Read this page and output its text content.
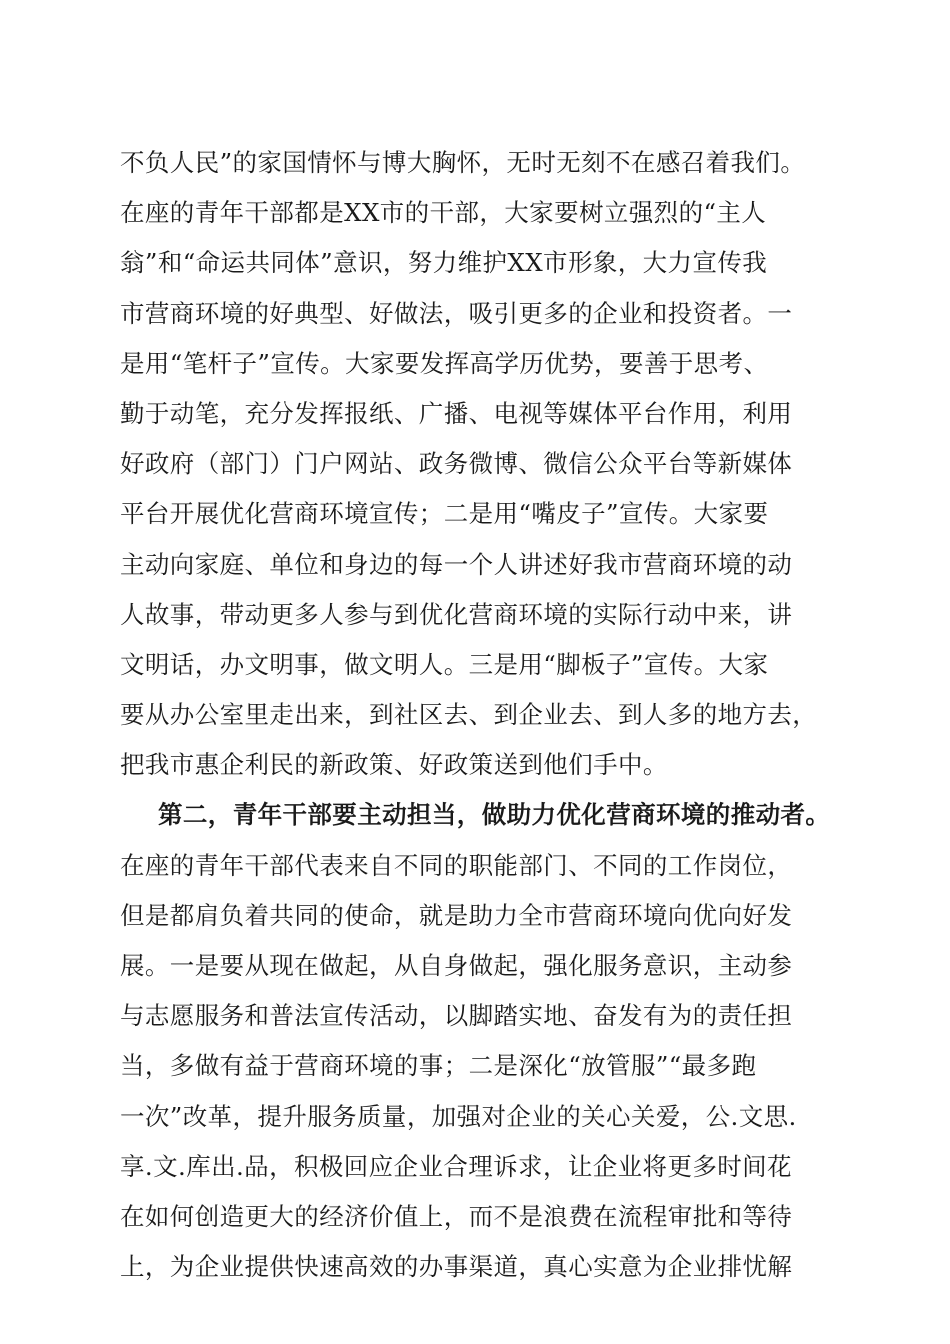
不负人民”的家国情怀与博大胸怀，无时无刻不在感召着我们。
在座的青年干部都是XX市的干部，大家要树立强烈的“主人
翁”和“命运共同体”意识，努力维护XX市形象，大力宣传我
市营商环境的好典型、好做法，吸引更多的企业和投资者。一
是用“笔杆子”宣传。大家要发挥高学历优势，要善于思考、
勤于动笔，充分发挥报纸、广播、电视等媒体平台作用，利用
好政府（部门）门户网站、政务微博、微信公众平台等新媒体
平台开展优化营商环境宣传；二是用“嘴皮子”宣传。大家要
主动向家庭、单位和身边的每一个人讲述好我市营商环境的动
人故事，带动更多人参与到优化营商环境的实际行动中来，讲
文明话，办文明事，做文明人。三是用“脚板子”宣传。大家
要从办公室里走出来，到社区去、到企业去、到人多的地方去，
把我市惠企利民的新政策、好政策送到他们手中。
第二，青年干部要主动担当，做助力优化营商环境的推动者。
在座的青年干部代表来自不同的职能部门、不同的工作岗位，
但是都肩负着共同的使命，就是助力全市营商环境向优向好发
展。一是要从现在做起，从自身做起，强化服务意识，主动参
与志愿服务和普法宣传活动，以脚踏实地、奋发有为的责任担
当，多做有益于营商环境的事；二是深化“放管服”“最多跑
一次”改革，提升服务质量，加强对企业的关心关爱，公.文思.
享.文.库出.品，积极回应企业合理诉求，让企业将更多时间花
在如何创造更大的经济价值上，而不是浪费在流程审批和等待
上，为企业提供快速高效的办事渠道，真心实意为企业排忧解
